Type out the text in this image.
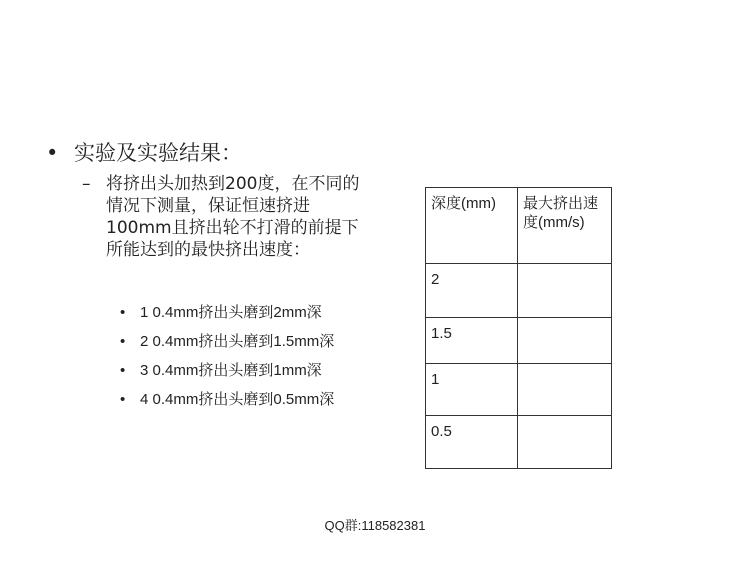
• 实验及实验结果：
– 将挤出头加热到200度，在不同的情况下测量，保证恒速挤进100mm且挤出轮不打滑的前提下所能达到的最快挤出速度：
• 1 0.4mm挤出头磨到2mm深
• 2 0.4mm挤出头磨到1.5mm深
• 3 0.4mm挤出头磨到1mm深
• 4 0.4mm挤出头磨到0.5mm深
深度(mm)	最大挤出速度(mm/s)
2	
1.5	
1	
0.5	
QQ群:118582381
